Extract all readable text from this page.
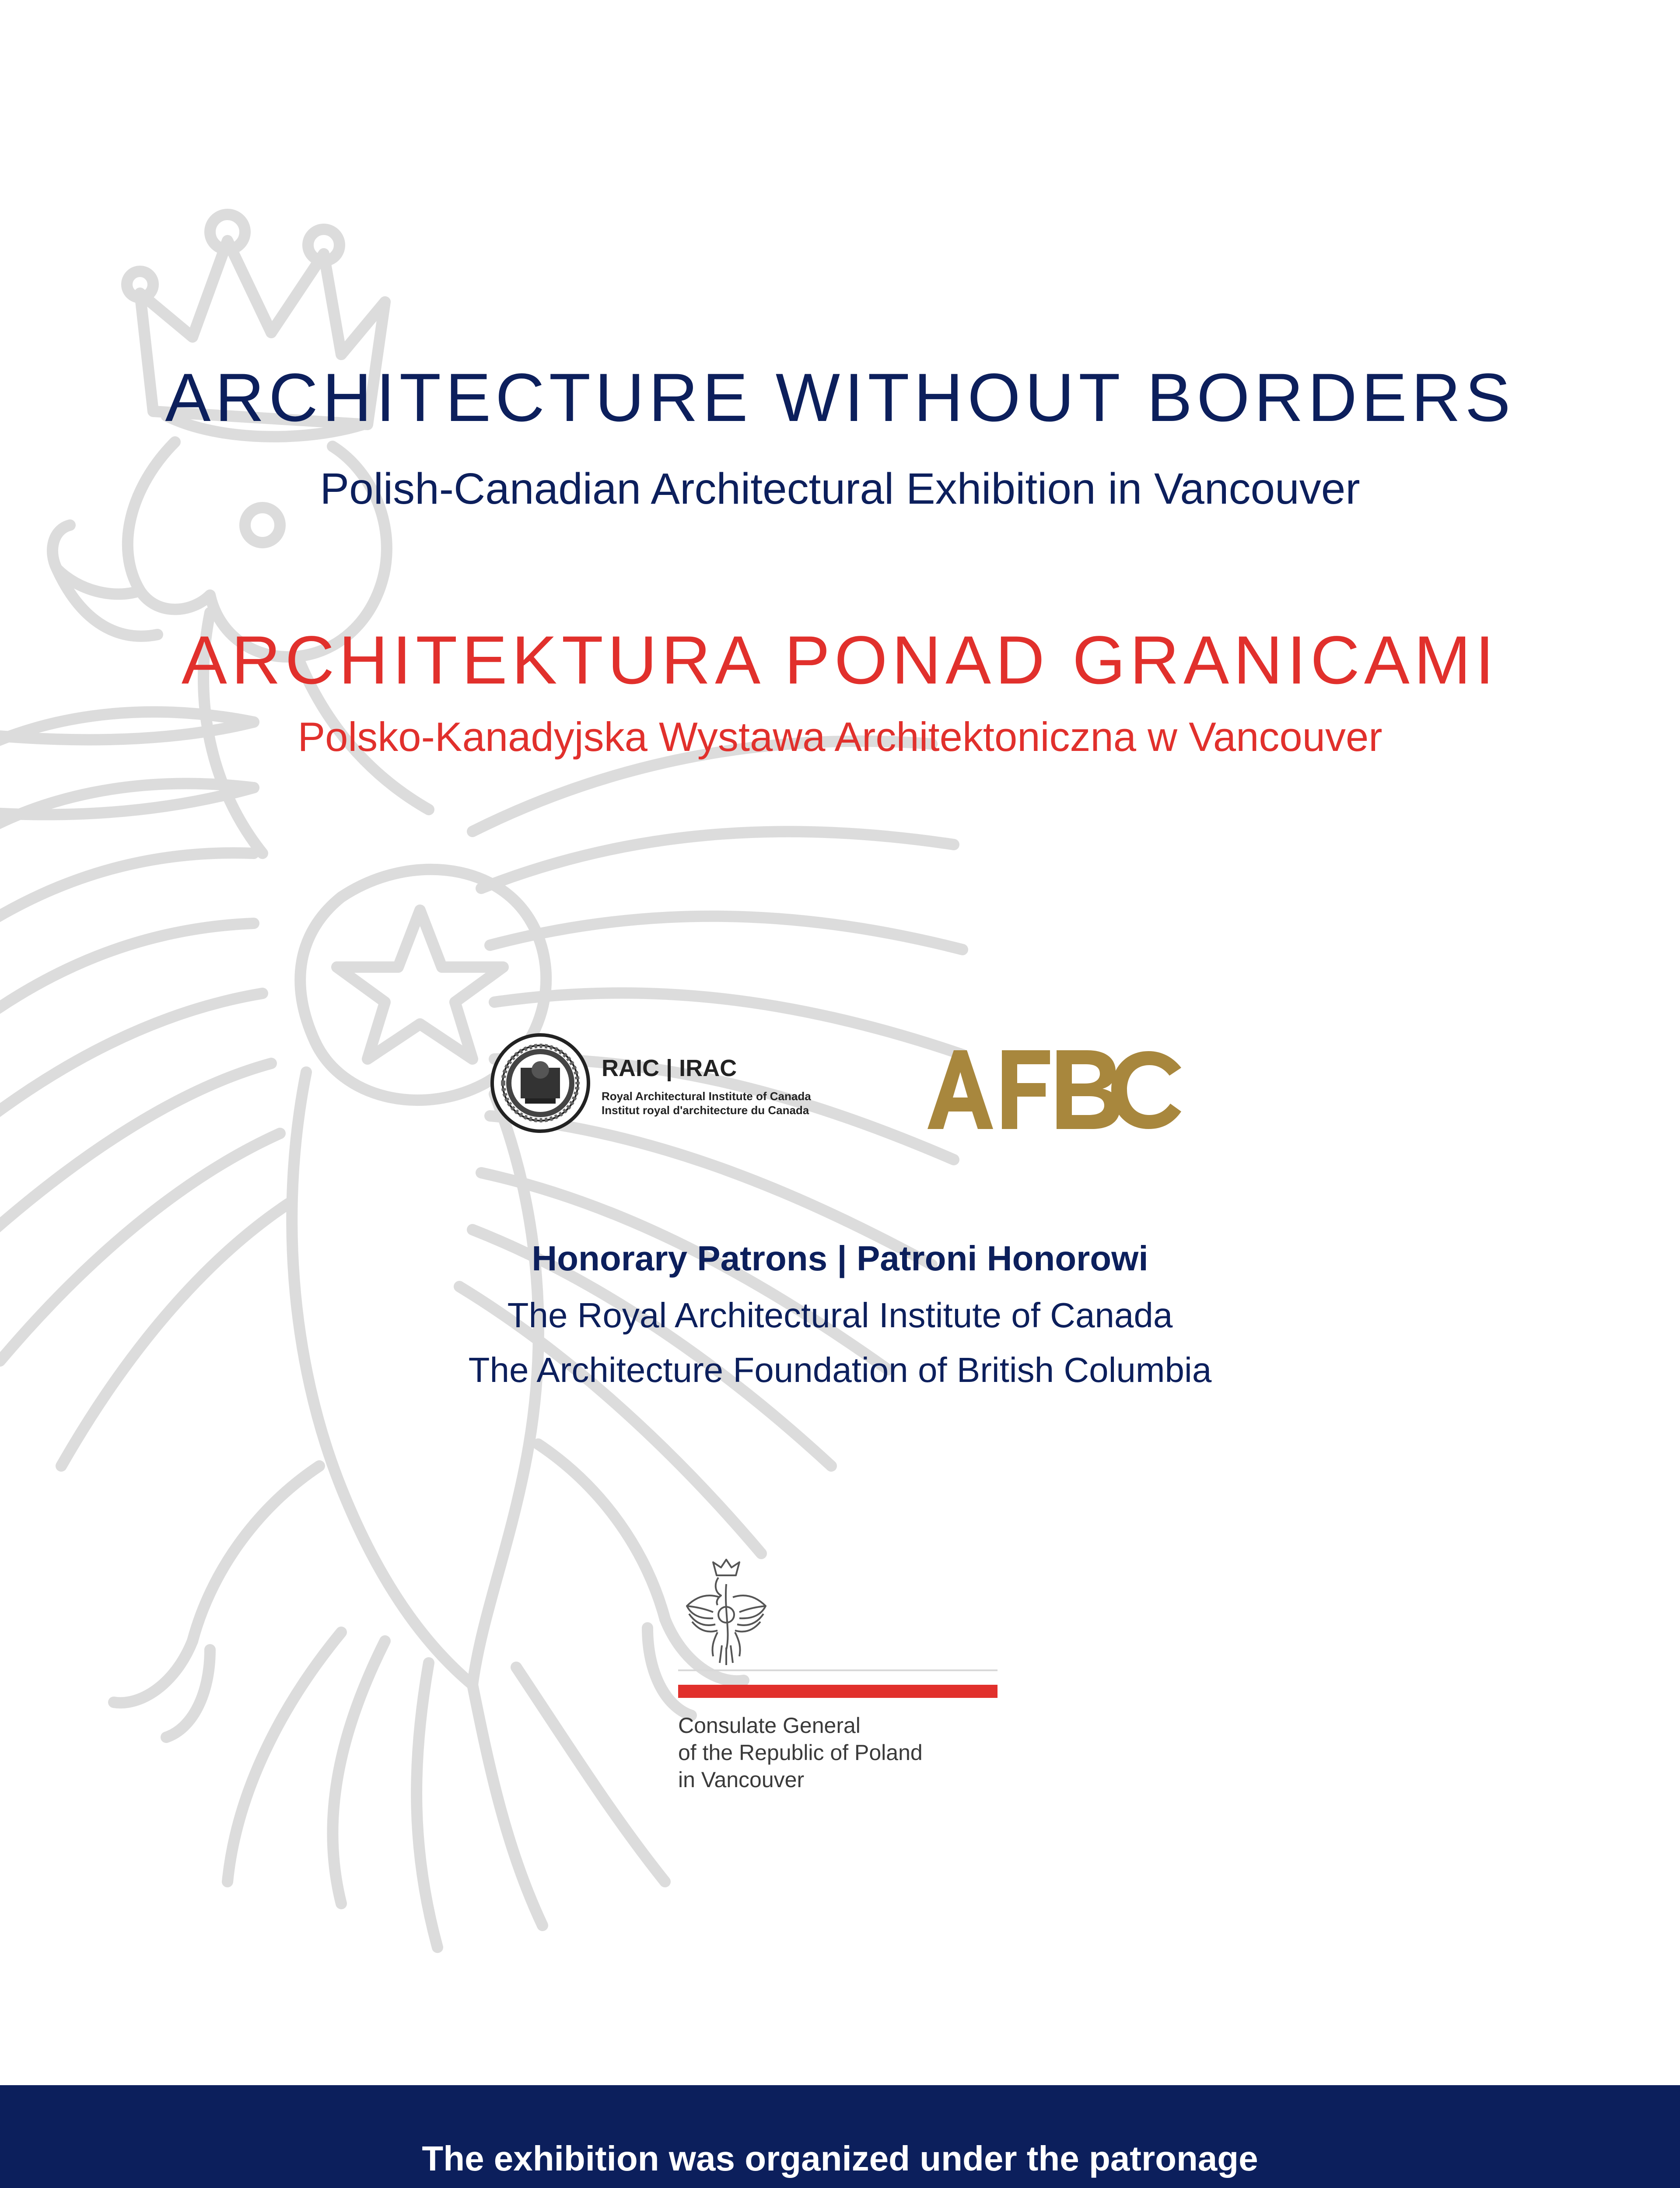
ARCHITECTURE WITHOUT BORDERS
Polish-Canadian Architectural Exhibition in Vancouver
ARCHITEKTURA PONAD GRANICAMI
Polsko-Kanadyjska Wystawa Architektoniczna w Vancouver
RAIC | IRAC
Royal Architectural Institute of Canada
Institut royal d'architecture du Canada
Honorary Patrons | Patroni Honorowi
The Royal Architectural Institute of Canada
The Architecture Foundation of British Columbia
Consulate General
of the Republic of Poland
in Vancouver
The exhibition was organized under the patronage
